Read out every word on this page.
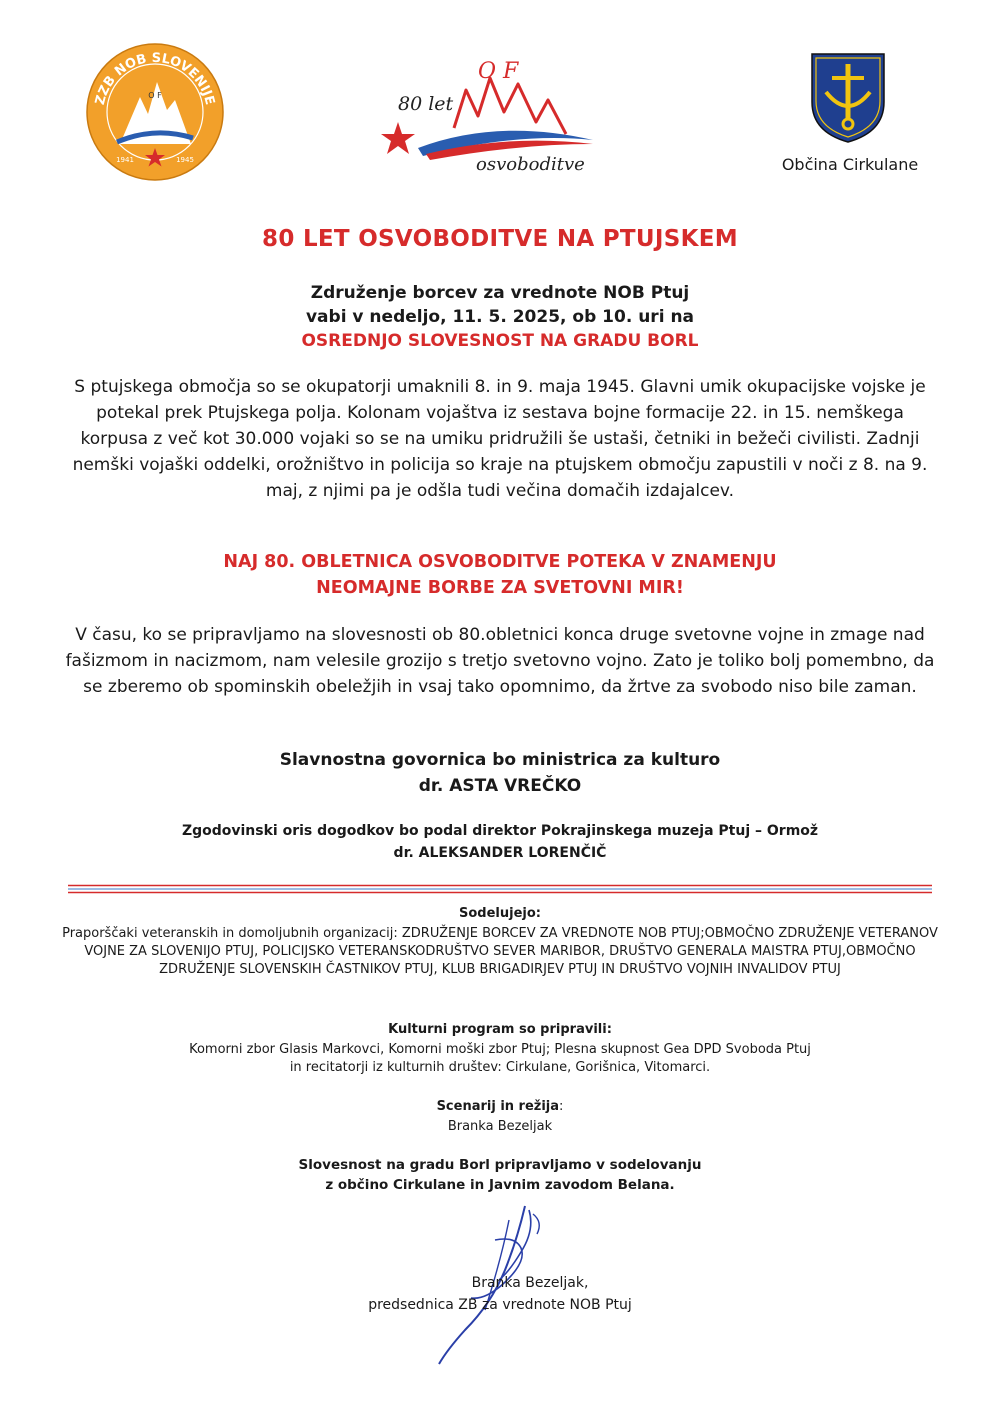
ZZB NOB SLOVENIJE
O F
1941	1945
80 let
O F
osvoboditve	Občina Cirkulane
80 LET OSVOBODITVE NA PTUJSKEM
Združenje borcev za vrednote NOB Ptuj
vabi v nedeljo, 11. 5. 2025, ob 10. uri na
OSREDNJO SLOVESNOST NA GRADU BORL
S ptujskega območja so se okupatorji umaknili 8. in 9. maja 1945. Glavni umik okupacijske vojske je potekal prek Ptujskega polja. Kolonam vojaštva iz sestava bojne formacije 22. in 15. nemškega korpusa z več kot 30.000 vojaki so se na umiku pridružili še ustaši, četniki in bežeči civilisti. Zadnji nemški vojaški oddelki, orožništvo in policija so kraje na ptujskem območju zapustili v noči z 8. na 9. maj, z njimi pa je odšla tudi večina domačih izdajalcev.
NAJ 80. OBLETNICA OSVOBODITVE POTEKA V ZNAMENJU
NEOMAJNE BORBE ZA SVETOVNI MIR!
V času, ko se pripravljamo na slovesnosti ob 80.obletnici konca druge svetovne vojne in zmage nad fašizmom in nacizmom, nam velesile grozijo s tretjo svetovno vojno. Zato je toliko bolj pomembno, da se zberemo ob spominskih obeležjih in vsaj tako opomnimo, da žrtve za svobodo niso bile zaman.
Slavnostna govornica bo ministrica za kulturo
dr. ASTA VREČKO
Zgodovinski oris dogodkov bo podal direktor Pokrajinskega muzeja Ptuj – Ormož
dr. ALEKSANDER LORENČIČ
Sodelujejo:
Praporščaki veteranskih in domoljubnih organizacij: ZDRUŽENJE BORCEV ZA VREDNOTE NOB PTUJ;OBMOČNO ZDRUŽENJE VETERANOV VOJNE ZA SLOVENIJO PTUJ, POLICIJSKO VETERANSKODRUŠTVO SEVER MARIBOR, DRUŠTVO GENERALA MAISTRA PTUJ,OBMOČNO ZDRUŽENJE SLOVENSKIH ČASTNIKOV PTUJ, KLUB BRIGADIRJEV PTUJ IN DRUŠTVO VOJNIH INVALIDOV PTUJ
Kulturni program so pripravili:
Komorni zbor Glasis Markovci, Komorni moški zbor Ptuj; Plesna skupnost Gea DPD Svoboda Ptuj
in recitatorji iz kulturnih društev: Cirkulane, Gorišnica, Vitomarci.
Scenarij in režija:
Branka Bezeljak
Slovesnost na gradu Borl pripravljamo v sodelovanju
z občino Cirkulane in Javnim zavodom Belana.
Branka Bezeljak,
predsednica ZB za vrednote NOB Ptuj
